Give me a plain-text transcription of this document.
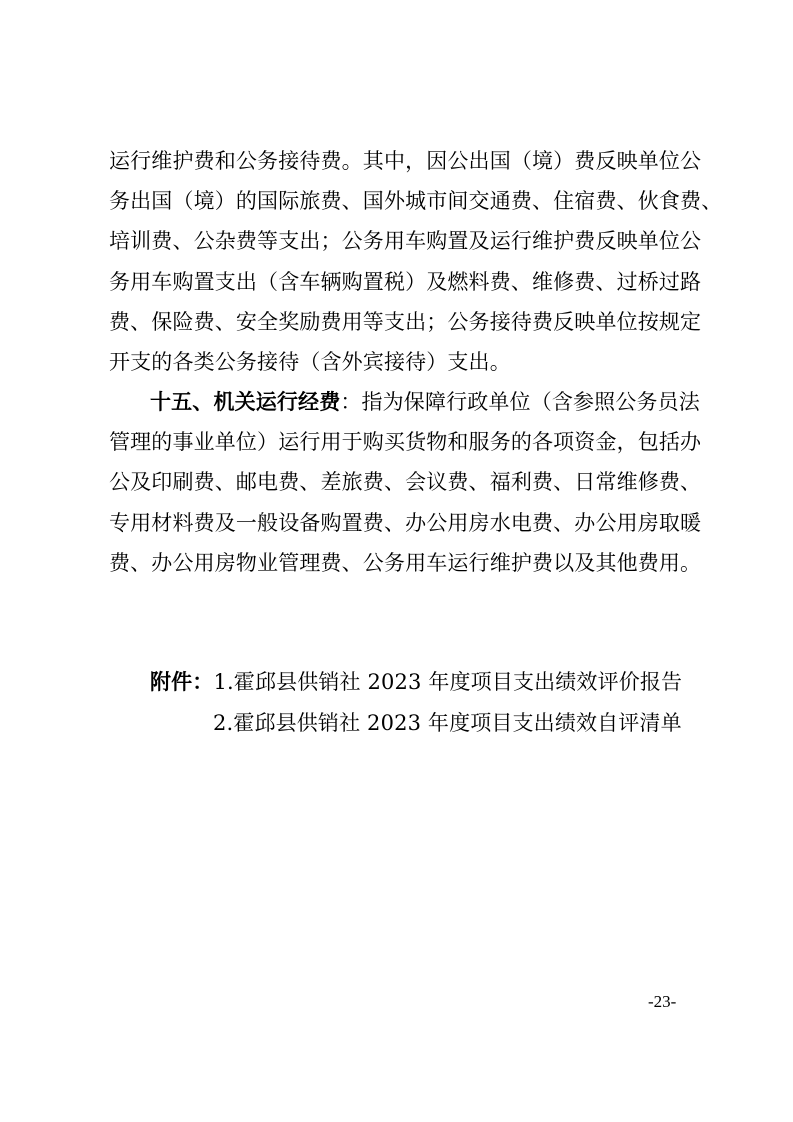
运行维护费和公务接待费。其中，因公出国（境）费反映单位公
务出国（境）的国际旅费、国外城市间交通费、住宿费、伙食费、
培训费、公杂费等支出；公务用车购置及运行维护费反映单位公
务用车购置支出（含车辆购置税）及燃料费、维修费、过桥过路
费、保险费、安全奖励费用等支出；公务接待费反映单位按规定
开支的各类公务接待（含外宾接待）支出。
十五、机关运行经费：指为保障行政单位（含参照公务员法
管理的事业单位）运行用于购买货物和服务的各项资金，包括办
公及印刷费、邮电费、差旅费、会议费、福利费、日常维修费、
专用材料费及一般设备购置费、办公用房水电费、办公用房取暖
费、办公用房物业管理费、公务用车运行维护费以及其他费用。
附件：1.霍邱县供销社 2023 年度项目支出绩效评价报告
2.霍邱县供销社 2023 年度项目支出绩效自评清单
-23-
